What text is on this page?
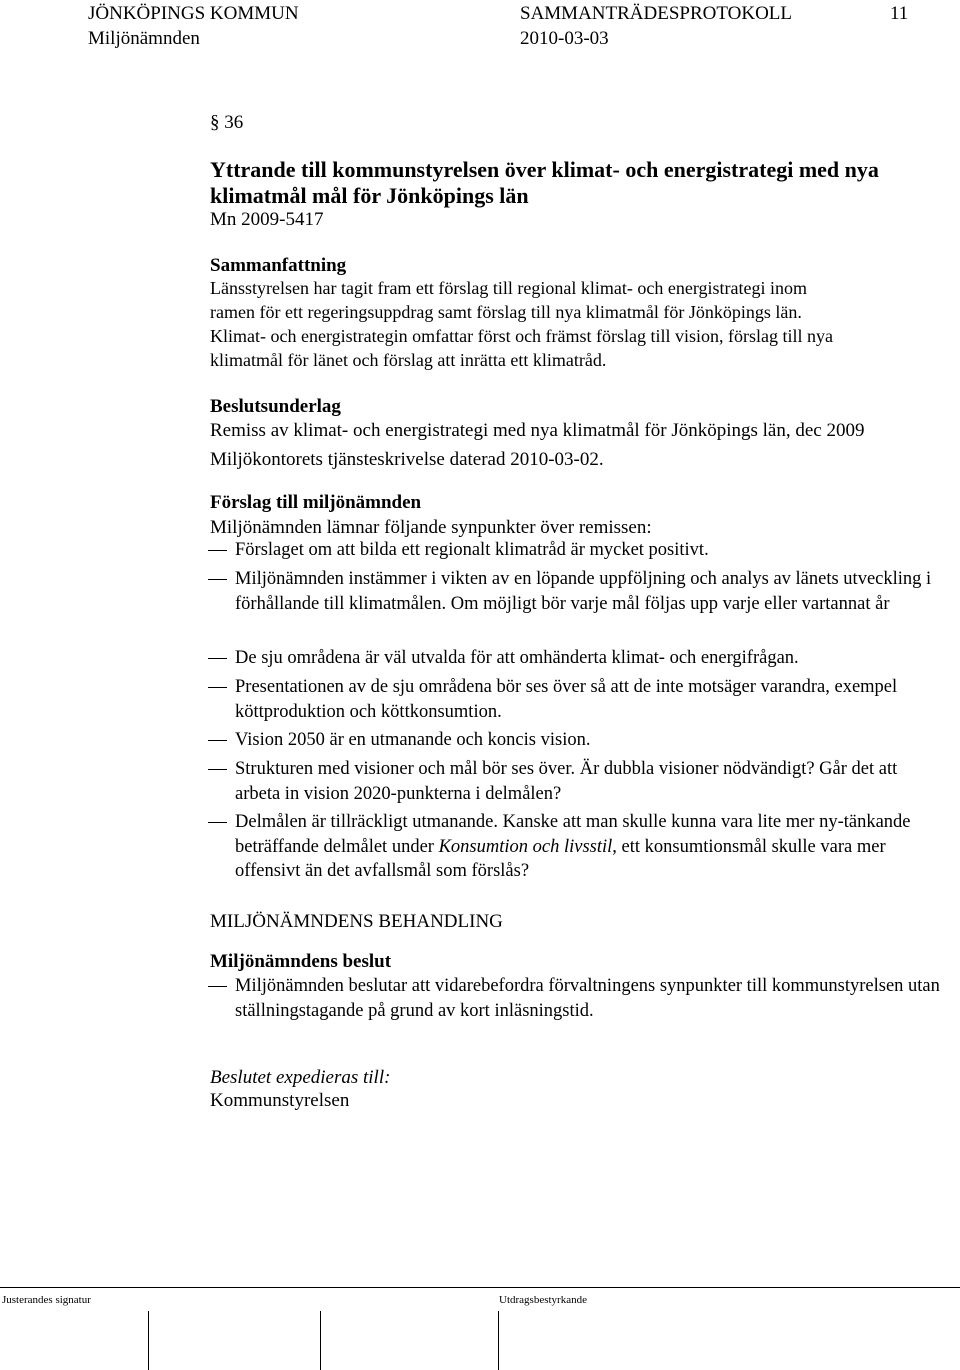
JÖNKÖPINGS KOMMUN	SAMMANTRÄDESPROTOKOLL	11
Miljönämnden	2010-03-03
§ 36
Yttrande till kommunstyrelsen över klimat- och energistrategi med nya
klimatmål mål för Jönköpings län
Mn 2009-5417
Sammanfattning
Länsstyrelsen har tagit fram ett förslag till regional klimat- och energistrategi inom
ramen för ett regeringsuppdrag samt förslag till nya klimatmål för Jönköpings län.
Klimat- och energistrategin omfattar först och främst förslag till vision, förslag till nya
klimatmål för länet och förslag att inrätta ett klimatråd.
Beslutsunderlag
Remiss av klimat- och energistrategi med nya klimatmål för Jönköpings län, dec 2009
Miljökontorets tjänsteskrivelse daterad 2010-03-02.
Förslag till miljönämnden
Miljönämnden lämnar följande synpunkter över remissen:
Förslaget om att bilda ett regionalt klimatråd är mycket positivt.
Miljönämnden instämmer i vikten av en löpande uppföljning och analys av länets utveckling i förhållande till klimatmålen. Om möjligt bör varje mål följas upp varje eller vartannat år
De sju områdena är väl utvalda för att omhänderta klimat- och energifrågan.
Presentationen av de sju områdena bör ses över så att de inte motsäger varandra, exempel köttproduktion och köttkonsumtion.
Vision 2050 är en utmanande och koncis vision.
Strukturen med visioner och mål bör ses över. Är dubbla visioner nödvändigt? Går det att arbeta in vision 2020-punkterna i delmålen?
Delmålen är tillräckligt utmanande. Kanske att man skulle kunna vara lite mer ny-tänkande beträffande delmålet under Konsumtion och livsstil, ett konsumtionsmål skulle vara mer offensivt än det avfallsmål som förslås?
MILJÖNÄMNDENS BEHANDLING
Miljönämndens beslut
Miljönämnden beslutar att vidarebefordra förvaltningens synpunkter till kommunstyrelsen utan ställningstagande på grund av kort inläsningstid.
Beslutet expedieras till:
Kommunstyrelsen
Justerandes signatur	Utdragsbestyrkande
